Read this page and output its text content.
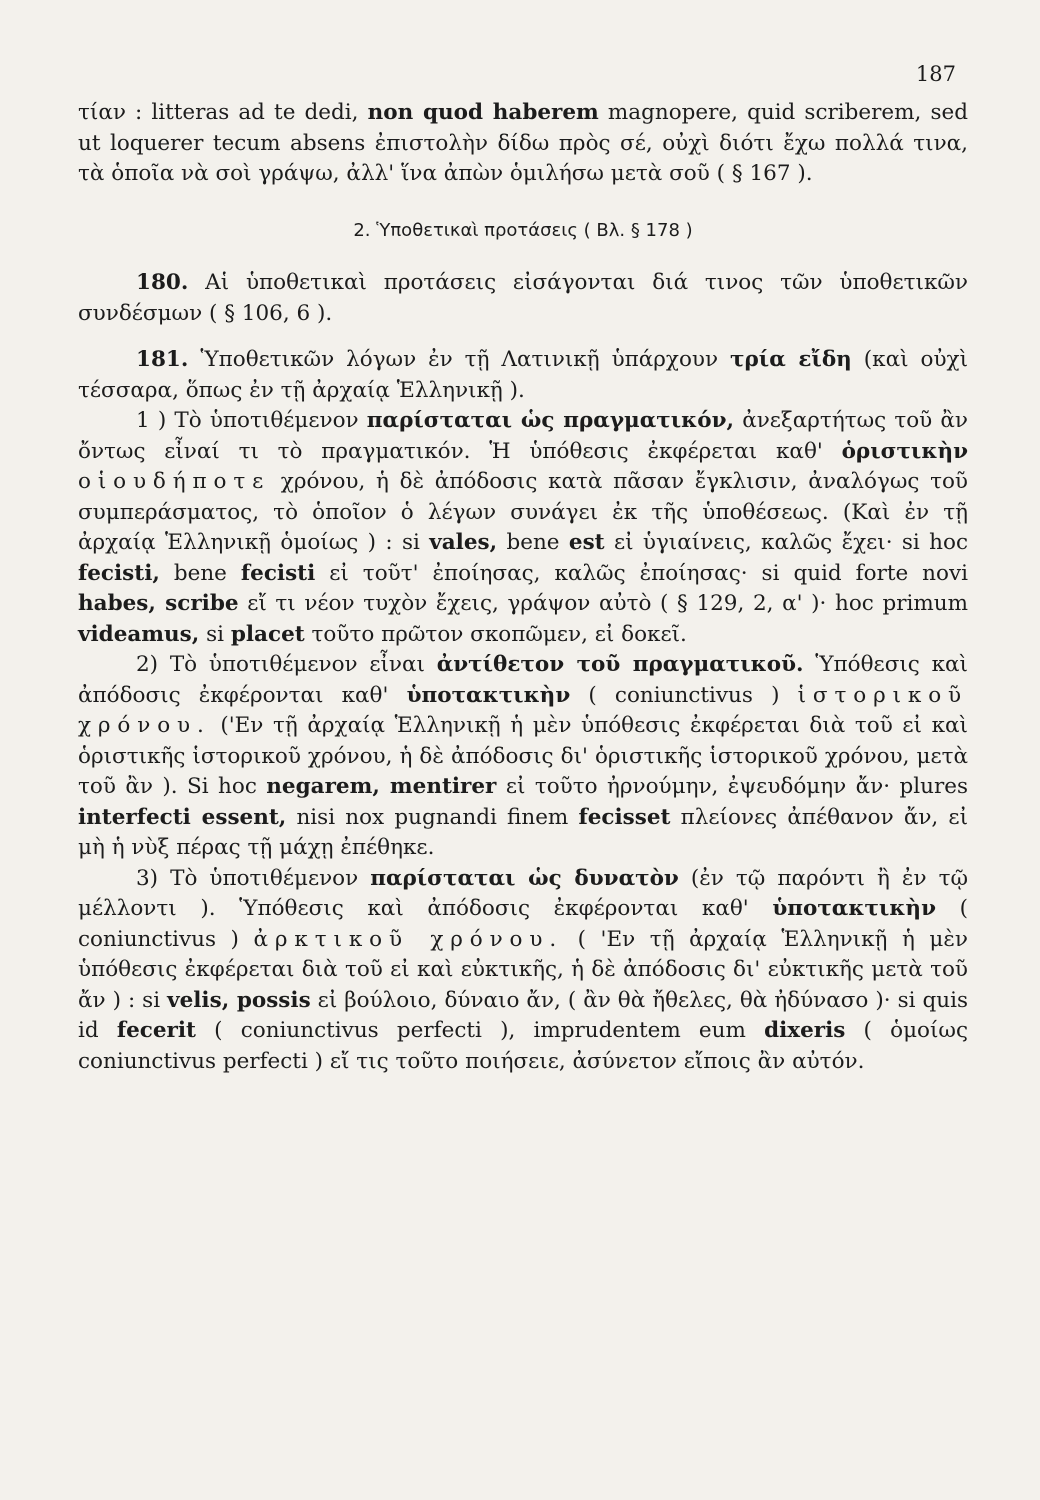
187

τίαν : litteras ad te dedi, non quod haberem magnopere, quid scriberem, sed ut loquerer tecum absens ἐπιστολὴν δίδω πρὸς σέ, οὐχὶ διότι ἔχω πολλά τινα, τὰ ὁποῖα νὰ σοὶ γράψω, ἀλλ' ἵνα ἀπὼν ὁμιλήσω μετὰ σοῦ ( § 167 ).

2. Ὑποθετικαὶ προτάσεις ( Βλ. § 178 )

180. Αἱ ὑποθετικαὶ προτάσεις εἰσάγονται διά τινος τῶν ὑποθετικῶν συνδέσμων ( § 106, 6 ).

181. Ὑποθετικῶν λόγων ἐν τῇ Λατινικῇ ὑπάρχουν τρία εἴδη (καὶ οὐχὶ τέσσαρα, ὅπως ἐν τῇ ἀρχαίᾳ Ἑλληνικῇ ).

1 ) Τὸ ὑποτιθέμενον παρίσταται ὡς πραγματικόν, ἀνεξαρτήτως τοῦ ἂν ὄντως εἶναί τι τὸ πραγματικόν. Ἡ ὑπόθεσις ἐκφέρεται καθ' ὁριστικὴν οἱουδήποτε χρόνου, ἡ δὲ ἀπόδοσις κατὰ πᾶσαν ἔγκλισιν, ἀναλόγως τοῦ συμπεράσματος, τὸ ὁποῖον ὁ λέγων συνάγει ἐκ τῆς ὑποθέσεως. (Καὶ ἐν τῇ ἀρχαίᾳ Ἑλληνικῇ ὁμοίως ) : si vales, bene est εἰ ὑγιαίνεις, καλῶς ἔχει· si hoc fecisti, bene fecisti εἰ τοῦτ' ἐποίησας, καλῶς ἐποίησας· si quid forte novi habes, scribe εἴ τι νέον τυχὸν ἔχεις, γράψον αὐτὸ ( § 129, 2, α' )· hoc primum videamus, si placet τοῦτο πρῶτον σκοπῶμεν, εἰ δοκεῖ.

2) Τὸ ὑποτιθέμενον εἶναι ἀντίθετον τοῦ πραγματικοῦ. Ὑπόθεσις καὶ ἀπόδοσις ἐκφέρονται καθ' ὑποτακτικὴν ( coniunctivus ) ἱστορικοῦ χρόνου. ('Εν τῇ ἀρχαίᾳ Ἑλληνικῇ ἡ μὲν ὑπόθεσις ἐκφέρεται διὰ τοῦ εἰ καὶ ὁριστικῆς ἱστορικοῦ χρόνου, ἡ δὲ ἀπόδοσις δι' ὁριστικῆς ἱστορικοῦ χρόνου, μετὰ τοῦ ἂν ). Si hoc negarem, mentirer εἰ τοῦτο ἠρνούμην, ἐψευδόμην ἄν· plures interfecti essent, nisi nox pugnandi finem fecisset πλείονες ἀπέθανον ἄν, εἰ μὴ ἡ νὺξ πέρας τῇ μάχῃ ἐπέθηκε.

3) Τὸ ὑποτιθέμενον παρίσταται ὡς δυνατὸν (ἐν τῷ παρόντι ἢ ἐν τῷ μέλλοντι ). Ὑπόθεσις καὶ ἀπόδοσις ἐκφέρονται καθ' ὑποτακτικὴν ( coniunctivus ) ἀρκτικοῦ χρόνου. ( 'Εν τῇ ἀρχαίᾳ Ἑλληνικῇ ἡ μὲν ὑπόθεσις ἐκφέρεται διὰ τοῦ εἰ καὶ εὐκτικῆς, ἡ δὲ ἀπόδοσις δι' εὐκτικῆς μετὰ τοῦ ἄν ) : si velis, possis εἰ βούλοιο, δύναιο ἄν, ( ἂν θὰ ἤθελες, θὰ ἠδύνασο )· si quis id fecerit ( coniunctivus perfecti ), imprudentem eum dixeris ( ὁμοίως coniunctivus perfecti ) εἴ τις τοῦτο ποιήσειε, ἀσύνετον εἴποις ἂν αὐτόν.
